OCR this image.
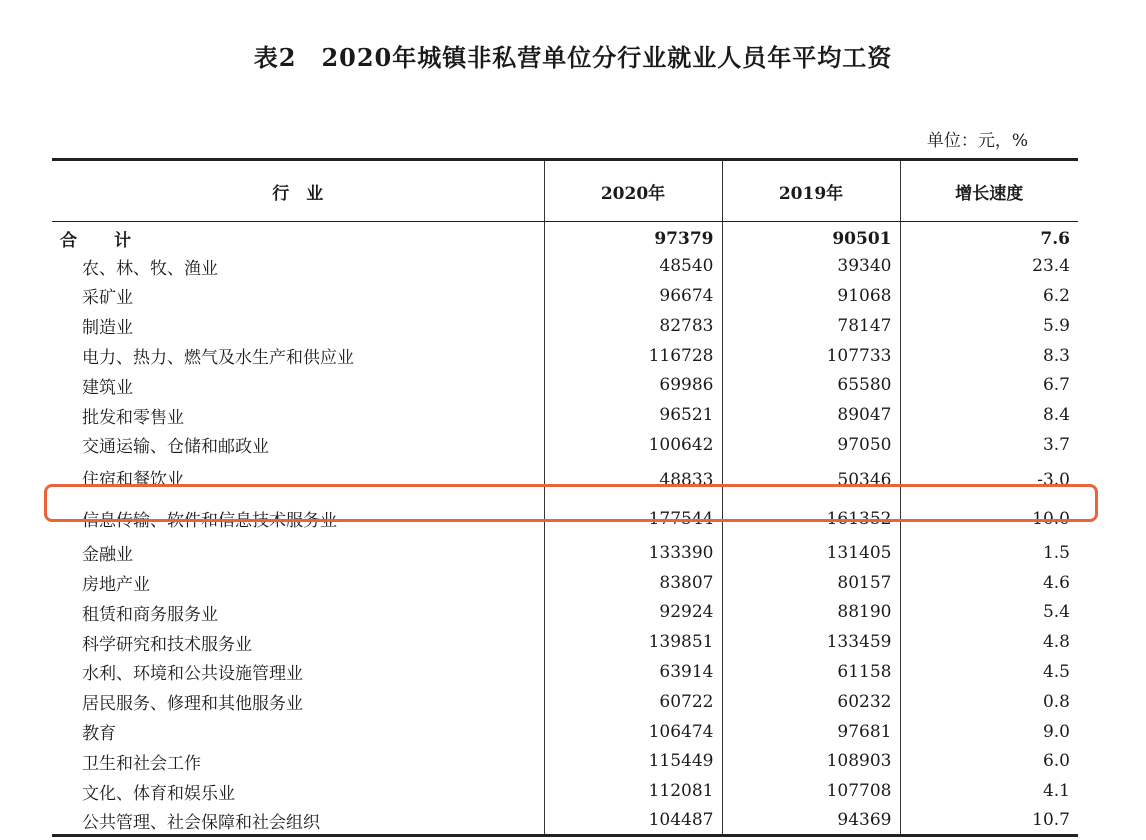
表2　2020年城镇非私营单位分行业就业人员年平均工资
单位：元，%
行　业	2020年	2019年	增长速度
合　计	97379	90501	7.6
农、林、牧、渔业	48540	39340	23.4
采矿业	96674	91068	6.2
制造业	82783	78147	5.9
电力、热力、燃气及水生产和供应业	116728	107733	8.3
建筑业	69986	65580	6.7
批发和零售业	96521	89047	8.4
交通运输、仓储和邮政业	100642	97050	3.7
住宿和餐饮业	48833	50346	-3.0
信息传输、软件和信息技术服务业	177544	161352	10.0
金融业	133390	131405	1.5
房地产业	83807	80157	4.6
租赁和商务服务业	92924	88190	5.4
科学研究和技术服务业	139851	133459	4.8
水利、环境和公共设施管理业	63914	61158	4.5
居民服务、修理和其他服务业	60722	60232	0.8
教育	106474	97681	9.0
卫生和社会工作	115449	108903	6.0
文化、体育和娱乐业	112081	107708	4.1
公共管理、社会保障和社会组织	104487	94369	10.7
